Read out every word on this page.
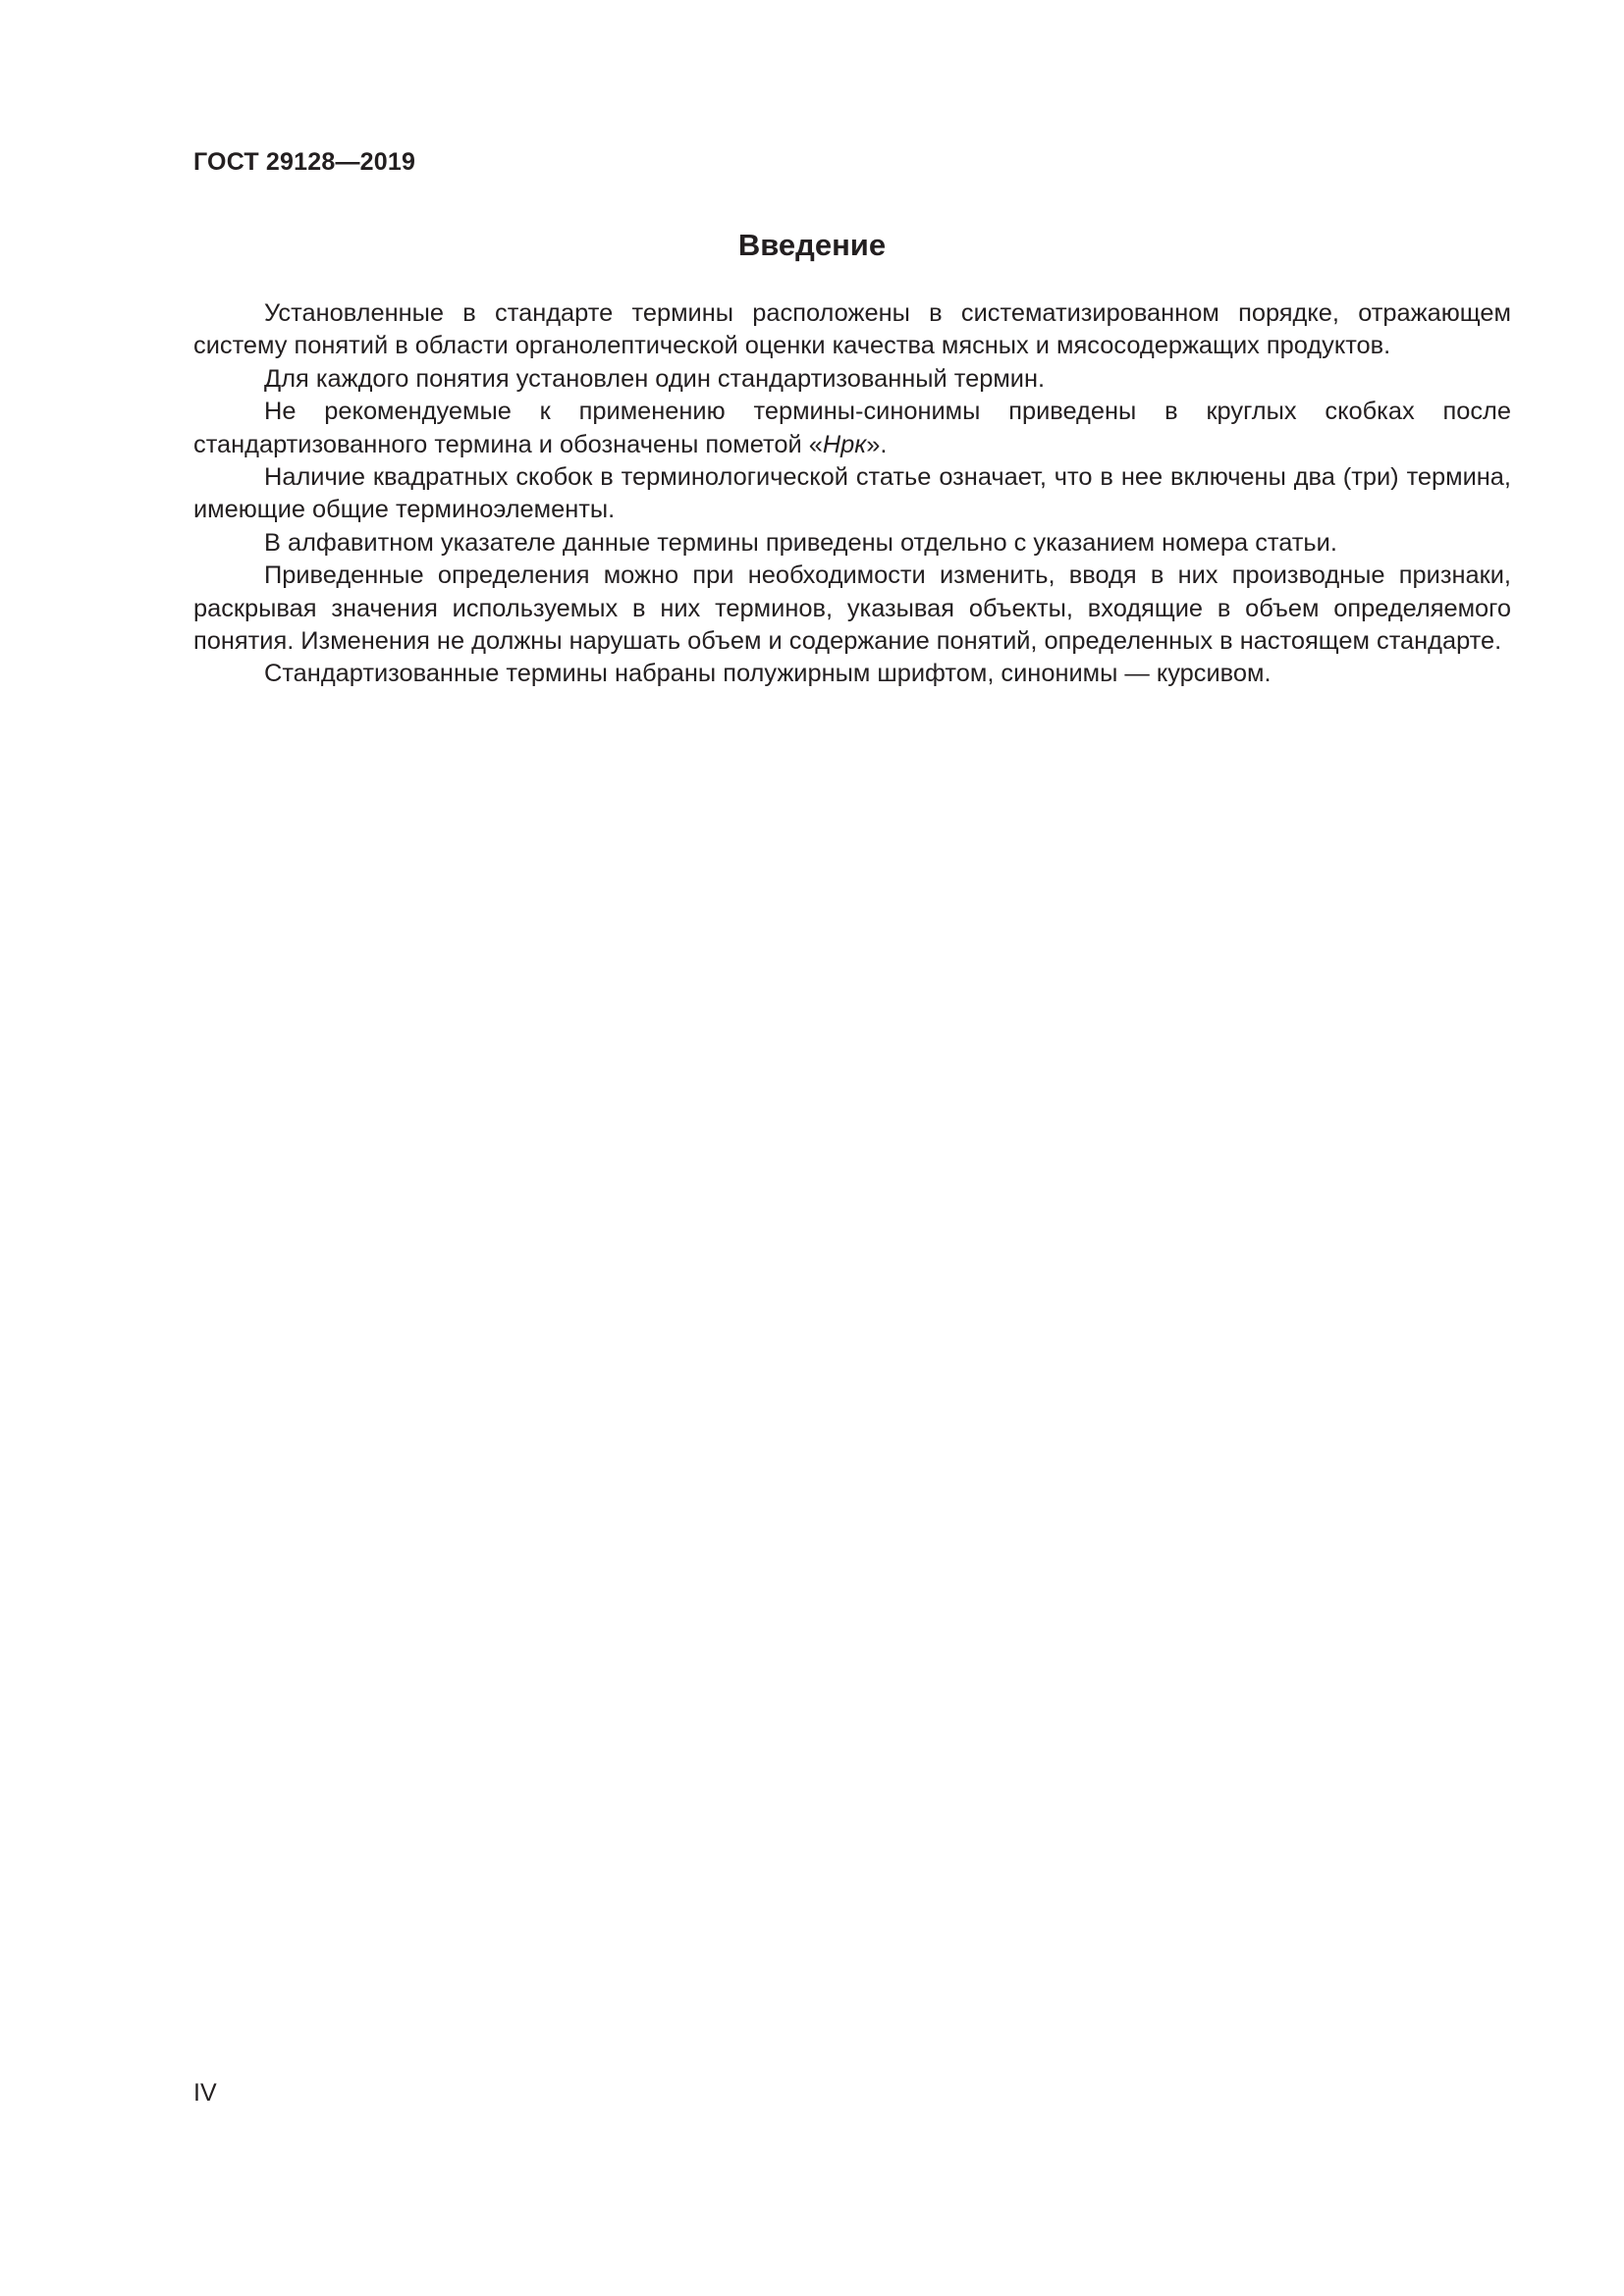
ГОСТ 29128—2019

Введение

Установленные в стандарте термины расположены в систематизированном порядке, отражающем систему понятий в области органолептической оценки качества мясных и мясосодержащих продуктов.

Для каждого понятия установлен один стандартизованный термин.

Не рекомендуемые к применению термины-синонимы приведены в круглых скобках после стандартизованного термина и обозначены пометой «Нрк».

Наличие квадратных скобок в терминологической статье означает, что в нее включены два (три) термина, имеющие общие терминоэлементы.

В алфавитном указателе данные термины приведены отдельно с указанием номера статьи.

Приведенные определения можно при необходимости изменить, вводя в них производные признаки, раскрывая значения используемых в них терминов, указывая объекты, входящие в объем определяемого понятия. Изменения не должны нарушать объем и содержание понятий, определенных в настоящем стандарте.

Стандартизованные термины набраны полужирным шрифтом, синонимы — курсивом.

IV
